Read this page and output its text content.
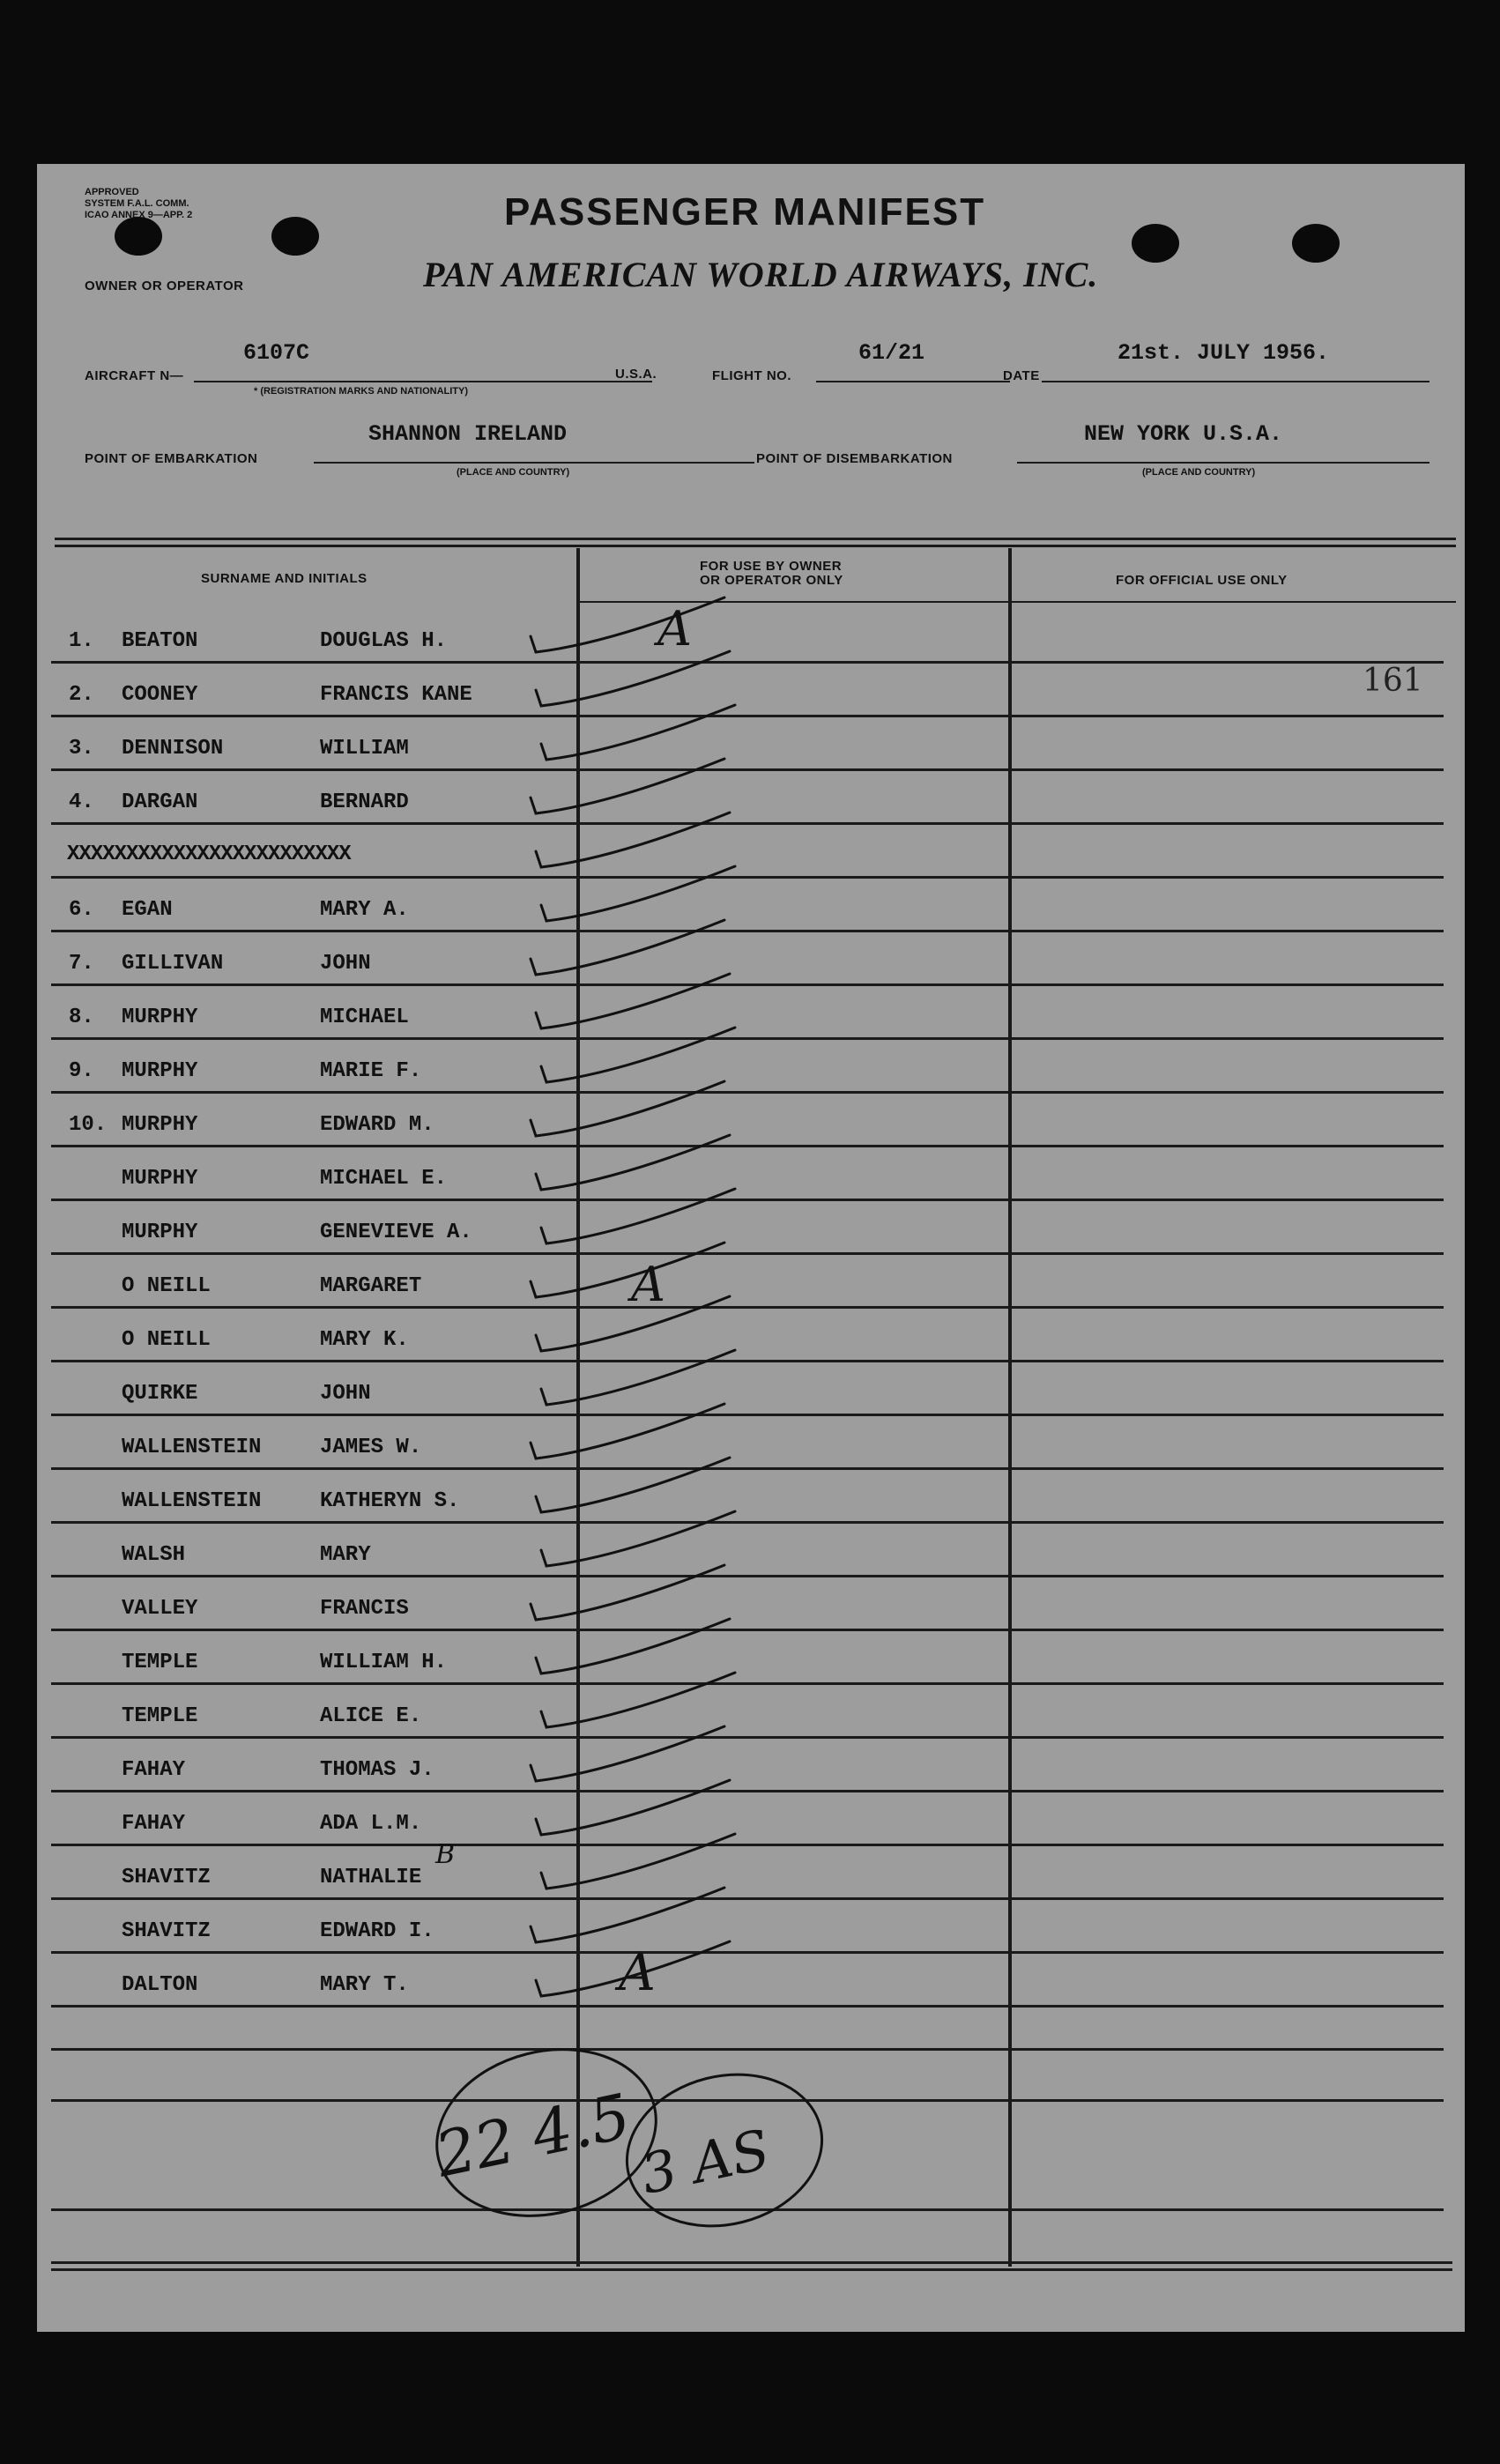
APPROVED
SYSTEM F.A.L. COMM.
ICAO ANNEX 9—APP. 2	PASSENGER MANIFEST
OWNER OR OPERATOR	PAN AMERICAN WORLD AIRWAYS, INC.
AIRCRAFT N—
6107C
* (REGISTRATION MARKS AND NATIONALITY)
U.S.A.	FLIGHT NO.
61/21
DATE
21st. JULY 1956.
POINT OF EMBARKATION
SHANNON IRELAND
(PLACE AND COUNTRY)
POINT OF DISEMBARKATION
NEW YORK U.S.A.
(PLACE AND COUNTRY)
SURNAME AND INITIALS
FOR USE BY OWNER
OR OPERATOR ONLY	FOR OFFICIAL USE ONLY
1. BEATON	DOUGLAS H.
2. COONEY	FRANCIS KANE
3. DENNISON	WILLIAM
4. DARGAN	BERNARD
XXXXXXXXXXXXXXXXXXXXXXXX
6. EGAN	MARY A.
7. GILLIVAN	JOHN
8. MURPHY	MICHAEL
9. MURPHY	MARIE F.
10. MURPHY	EDWARD M.
MURPHY	MICHAEL E.
MURPHY	GENEVIEVE A.
O NEILL	MARGARET
O NEILL	MARY K.
QUIRKE	JOHN
WALLENSTEIN	JAMES W.
WALLENSTEIN	KATHERYN S.
WALSH	MARY
VALLEY	FRANCIS
TEMPLE	WILLIAM H.
TEMPLE	ALICE E.
FAHAY	THOMAS J.
FAHAY	ADA L.M.
SHAVITZ	NATHALIE
SHAVITZ	EDWARD I.
DALTON	MARY T.
161
A
A
A
B
22 4.5
3 AS
